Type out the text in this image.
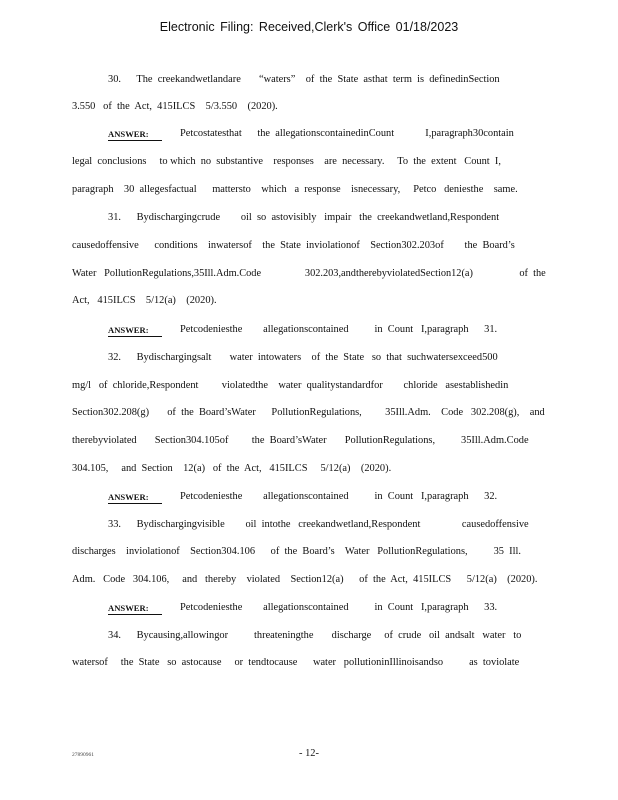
Electronic Filing: Received,Clerk's Office 01/18/2023
30.      The  creekandwetlandare       “waters”    of  the  State  asthat  term  is  definedinSection
3.550   of  the  Act,  415ILCS    5/3.550    (2020).
ANSWER:	Petcostatesthat      the  allegationscontainedinCount            I,paragraph30contain
legal  conclusions     to which  no  substantive    responses    are  necessary.     To  the  extent   Count  I,
paragraph    30  allegesfactual      mattersto    which   a  response    isnecessary,     Petco   deniesthe    same.
31.      Bydischargingcrude        oil  so  astovisibly   impair   the  creekandwetland,Respondent
causedoffensive      conditions    inwatersof    the  State  inviolationof    Section302.203of        the  Board’s
Water   PollutionRegulations,35Ill.Adm.Code                 302.203,andtherebyviolatedSection12(a)                  of  the
Act,   415ILCS    5/12(a)    (2020).
ANSWER:	Petcodeniesthe        allegationscontained          in  Count   I,paragraph      31.
32.      Bydischargingsalt       water  intowaters    of  the  State   so  that  suchwatersexceed500
mg/l   of  chloride,Respondent         violatedthe    water  qualitystandardfor        chloride   asestablishedin
Section302.208(g)       of  the  Board’sWater      PollutionRegulations,         35Ill.Adm.    Code   302.208(g),    and
therebyviolated       Section304.105of         the  Board’sWater       PollutionRegulations,          35Ill.Adm.Code
304.105,     and  Section    12(a)   of  the  Act,   415ILCS     5/12(a)    (2020).
ANSWER:	Petcodeniesthe        allegationscontained          in  Count   I,paragraph      32.
33.      Bydischargingvisible        oil  intothe   creekandwetland,Respondent                causedoffensive
discharges    inviolationof    Section304.106      of  the  Board’s    Water   PollutionRegulations,          35  Ill.
Adm.   Code   304.106,     and   thereby    violated    Section12(a)      of  the  Act,  415ILCS      5/12(a)    (2020).
ANSWER:	Petcodeniesthe        allegationscontained          in  Count   I,paragraph      33.
34.      Bycausing,allowingor          threateningthe       discharge     of  crude   oil  andsalt   water   to
watersof     the  State   so  astocause     or  tendtocause      water   pollutioninIllinoisandso          as  toviolate
27890961	- 12-
